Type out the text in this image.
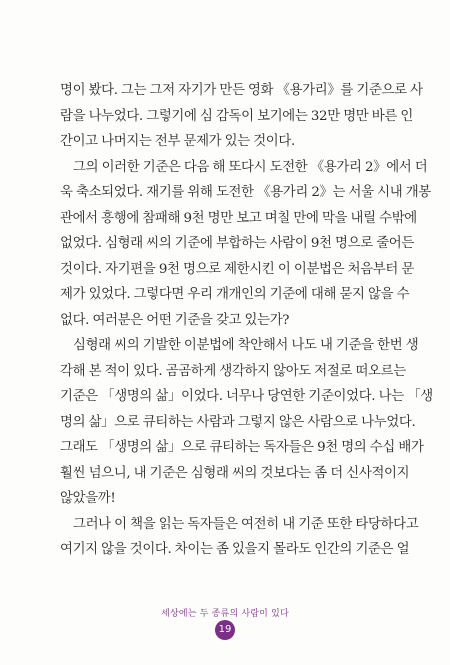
명이 봤다. 그는 그저 자기가 만든 영화 《용가리》를 기준으로 사
람을 나누었다. 그렇기에 심 감독이 보기에는 32만 명만 바른 인
간이고 나머지는 전부 문제가 있는 것이다.

그의 이러한 기준은 다음 해 또다시 도전한 《용가리 2》에서 더
욱 축소되었다. 재기를 위해 도전한 《용가리 2》는 서울 시내 개봉
관에서 흥행에 참패해 9천 명만 보고 며칠 만에 막을 내릴 수밖에
없었다. 심형래 씨의 기준에 부합하는 사람이 9천 명으로 줄어든
것이다. 자기편을 9천 명으로 제한시킨 이 이분법은 처음부터 문
제가 있었다. 그렇다면 우리 개개인의 기준에 대해 묻지 않을 수
없다. 여러분은 어떤 기준을 갖고 있는가?

심형래 씨의 기발한 이분법에 착안해서 나도 내 기준을 한번 생
각해 본 적이 있다. 곰곰하게 생각하지 않아도 저절로 떠오르는
기준은 「생명의 삶」이었다. 너무나 당연한 기준이었다. 나는 「생
명의 삶」으로 큐티하는 사람과 그렇지 않은 사람으로 나누었다.
그래도 「생명의 삶」으로 큐티하는 독자들은 9천 명의 수십 배가
훨씬 넘으니, 내 기준은 심형래 씨의 것보다는 좀 더 신사적이지
않았을까!

그러나 이 책을 읽는 독자들은 여전히 내 기준 또한 타당하다고
여기지 않을 것이다. 차이는 좀 있을지 몰라도 인간의 기준은 얼

세상에는 두 종류의 사람이 있다
19
